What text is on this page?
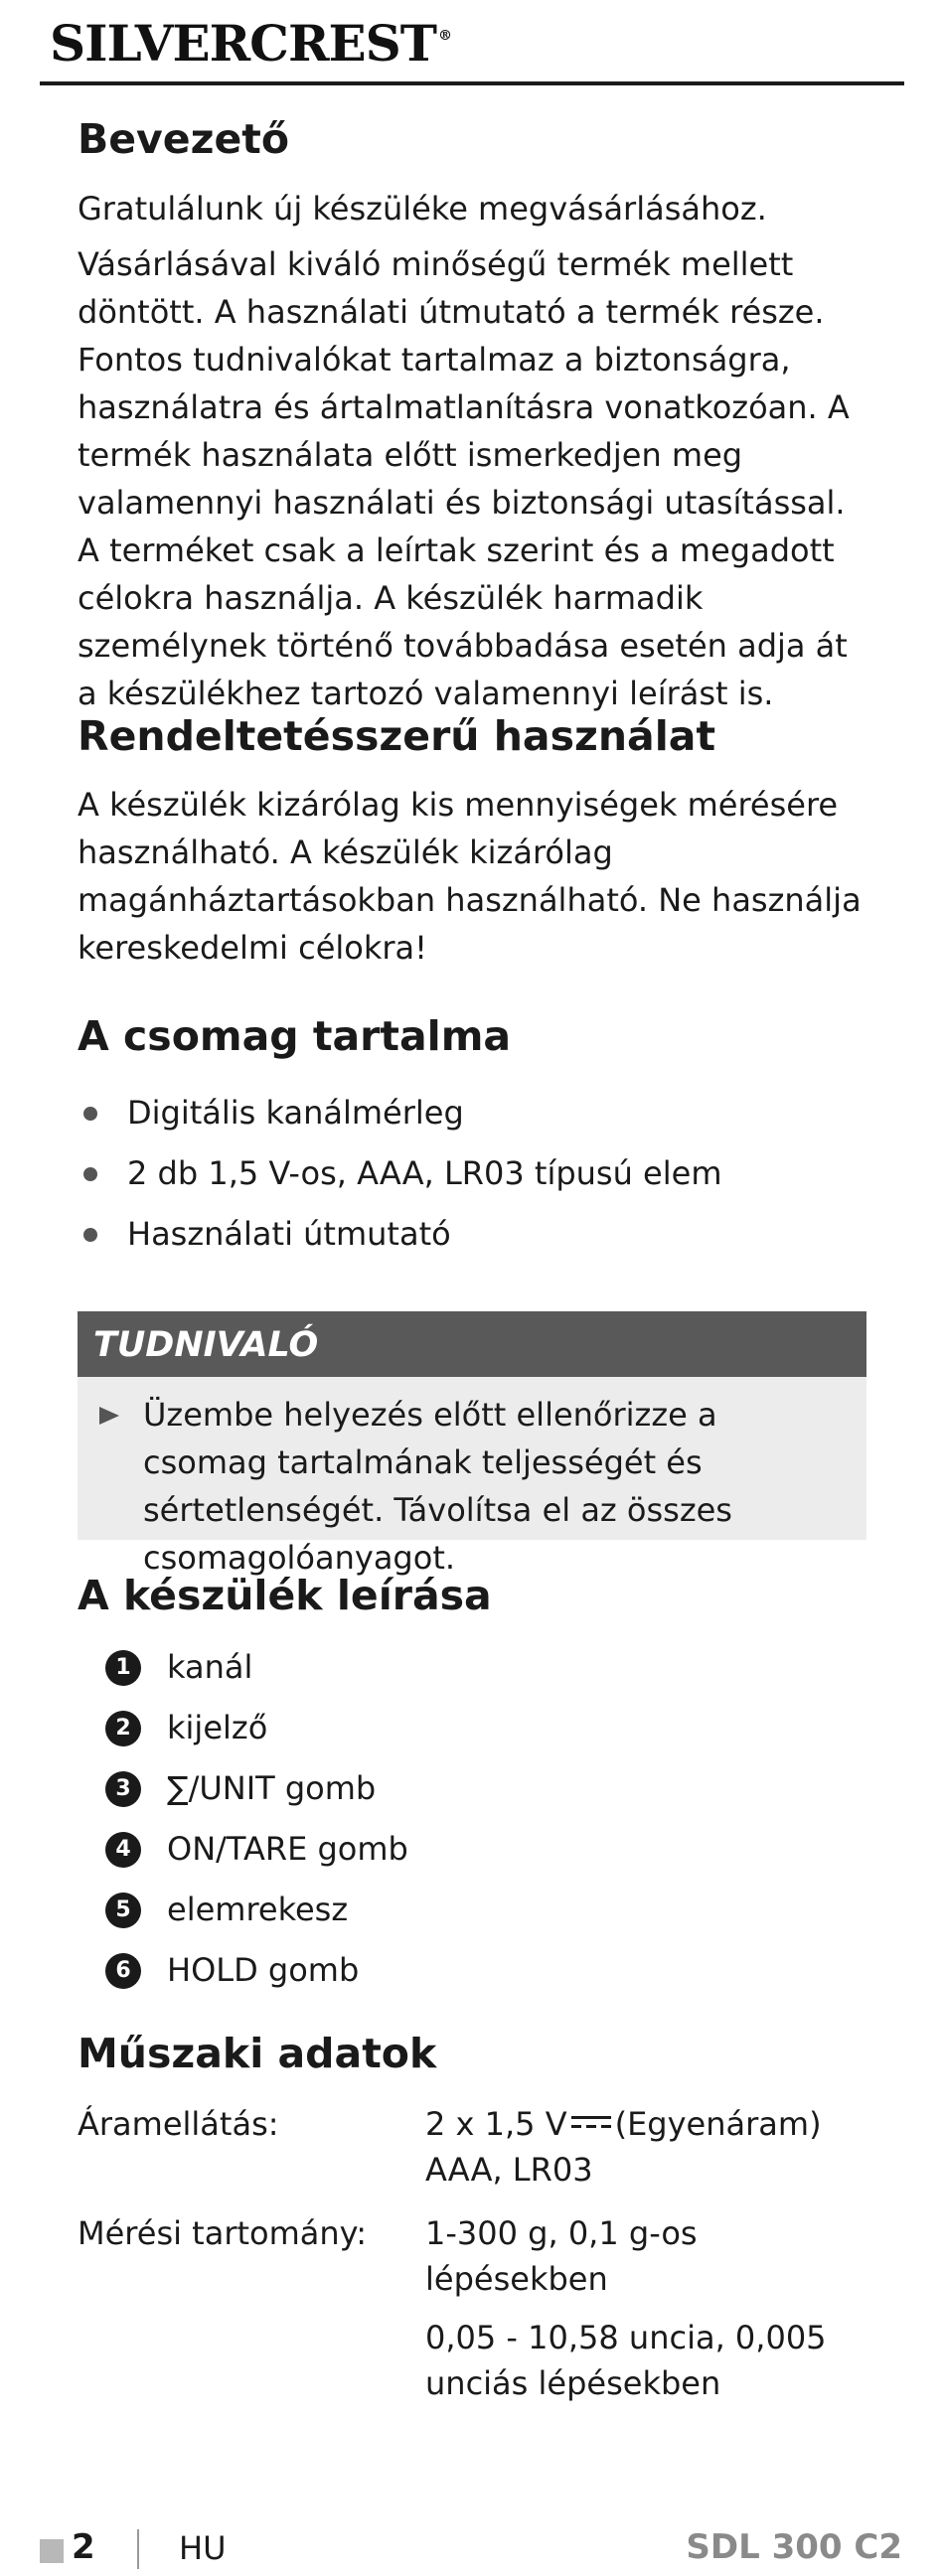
SILVERCREST ®
Bevezető

Gratulálunk új készüléke megvásárlásához.

Vásárlásával kiváló minőségű termék mellett döntött. A használati útmutató a termék része. Fontos tudnivalókat tartalmaz a biztonságra, használatra és ártalmatlanításra vonatkozóan. A termék használata előtt ismerkedjen meg valamennyi használati és biztonsági utasítással. A terméket csak a leírtak szerint és a megadott célokra használja. A készülék harmadik személynek történő továbbadása esetén adja át a készülékhez tartozó valamennyi leírást is.

Rendeltetésszerű használat

A készülék kizárólag kis mennyiségek mérésére használható. A készülék kizárólag magánháztartásokban használható. Ne használja kereskedelmi célokra!

A csomag tartalma
Digitális kanálmérleg
2 db 1,5 V-os, AAA, LR03 típusú elem
Használati útmutató
TUDNIVALÓ
Üzembe helyezés előtt ellenőrizze a csomag tartalmának teljességét és sértetlenségét. Távolítsa el az összes csomagolóanyagot.
A készülék leírása
1	kanál
2	kijelző
3	∑/UNIT gomb
4	ON/TARE gomb
5	elemrekesz
6	HOLD gomb
Műszaki adatok
Áramellátás:	2 x 1,5 V (Egyenáram)
AAA, LR03
Mérési tartomány: 1-300 g, 0,1 g-os lépésekben
0,05 - 10,58 uncia, 0,005 unciás lépésekben
2	HU	SDL 300 C2
